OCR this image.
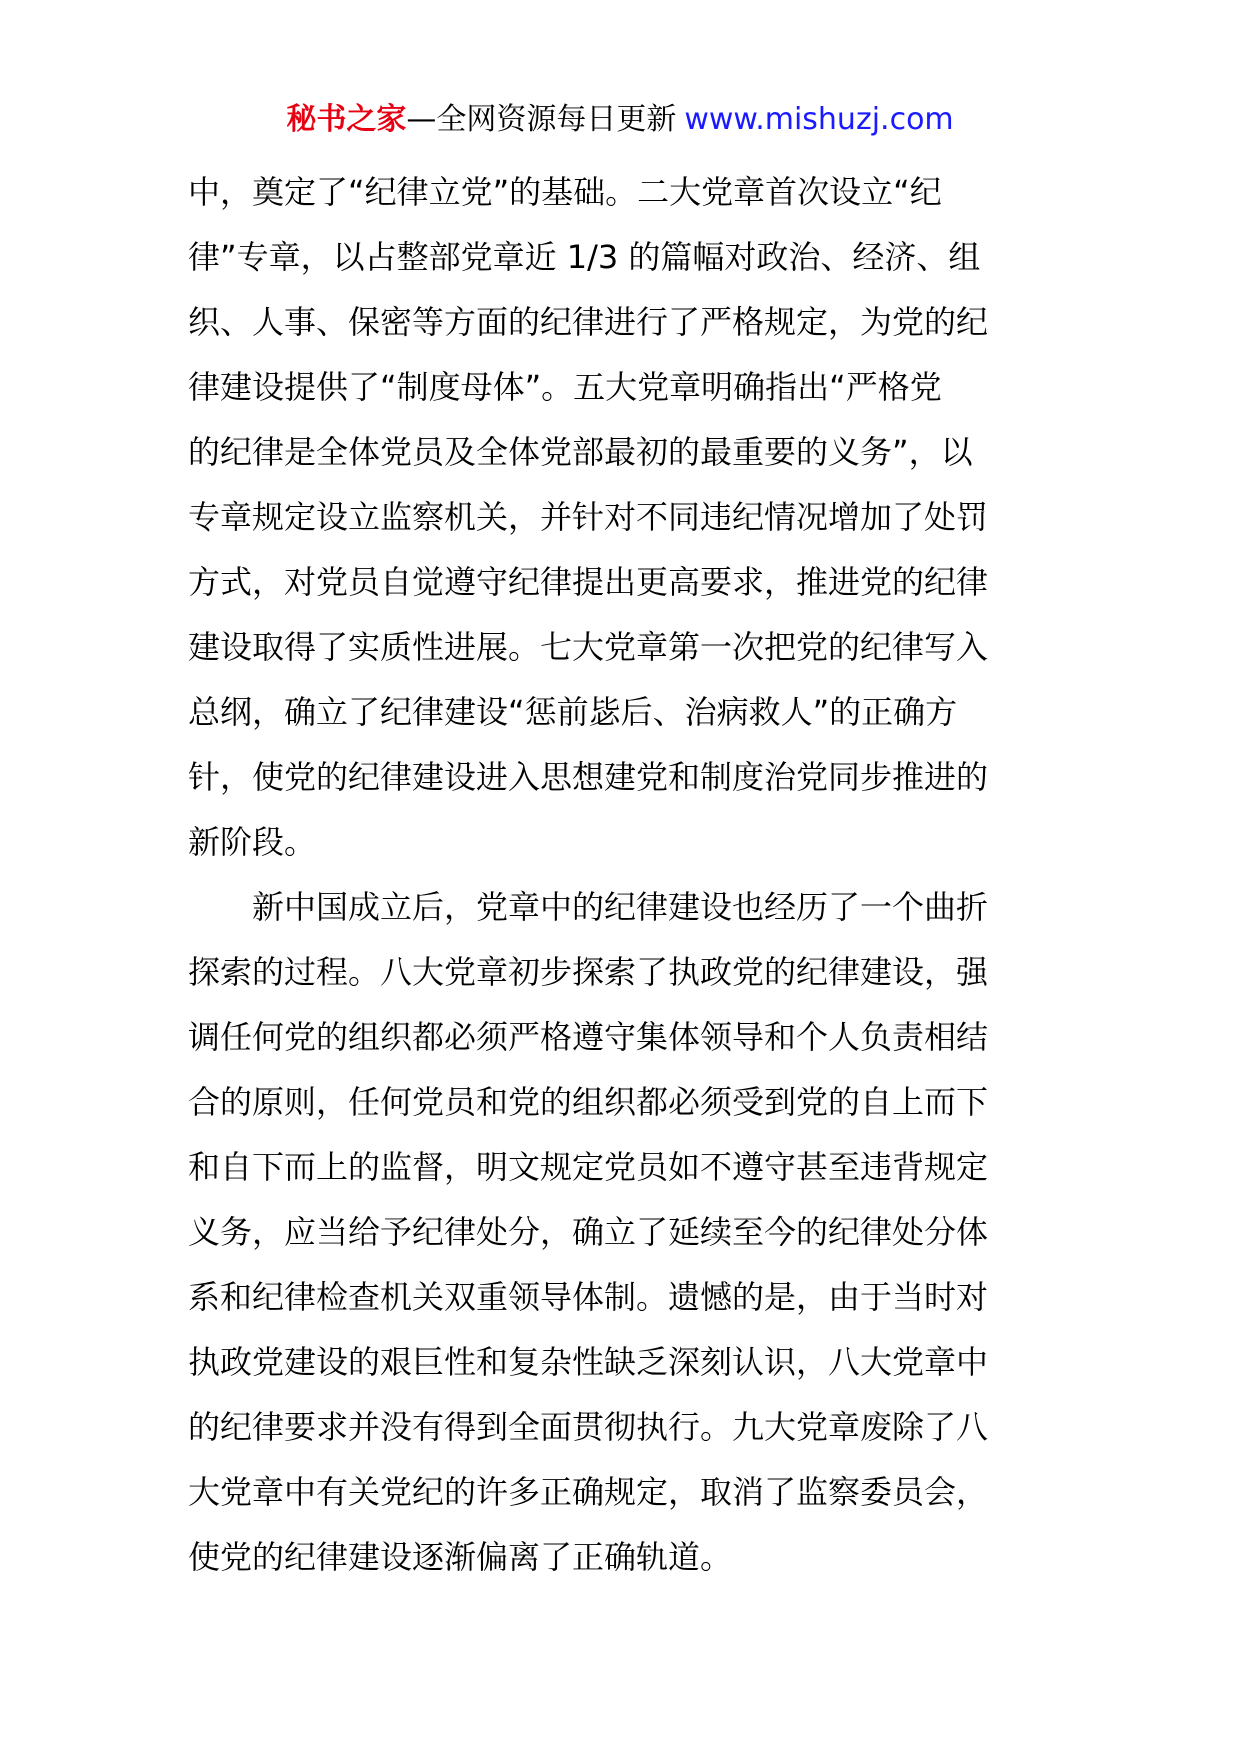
秘书之家—全网资源每日更新 www.mishuzj.com
中，奠定了“纪律立党”的基础。二大党章首次设立“纪
律”专章，以占整部党章近 1/3 的篇幅对政治、经济、组
织、人事、保密等方面的纪律进行了严格规定，为党的纪
律建设提供了“制度母体”。五大党章明确指出“严格党
的纪律是全体党员及全体党部最初的最重要的义务”，以
专章规定设立监察机关，并针对不同违纪情况增加了处罚
方式，对党员自觉遵守纪律提出更高要求，推进党的纪律
建设取得了实质性进展。七大党章第一次把党的纪律写入
总纲，确立了纪律建设“惩前毖后、治病救人”的正确方
针，使党的纪律建设进入思想建党和制度治党同步推进的
新阶段。
　　新中国成立后，党章中的纪律建设也经历了一个曲折
探索的过程。八大党章初步探索了执政党的纪律建设，强
调任何党的组织都必须严格遵守集体领导和个人负责相结
合的原则，任何党员和党的组织都必须受到党的自上而下
和自下而上的监督，明文规定党员如不遵守甚至违背规定
义务，应当给予纪律处分，确立了延续至今的纪律处分体
系和纪律检查机关双重领导体制。遗憾的是，由于当时对
执政党建设的艰巨性和复杂性缺乏深刻认识，八大党章中
的纪律要求并没有得到全面贯彻执行。九大党章废除了八
大党章中有关党纪的许多正确规定，取消了监察委员会，
使党的纪律建设逐渐偏离了正确轨道。
